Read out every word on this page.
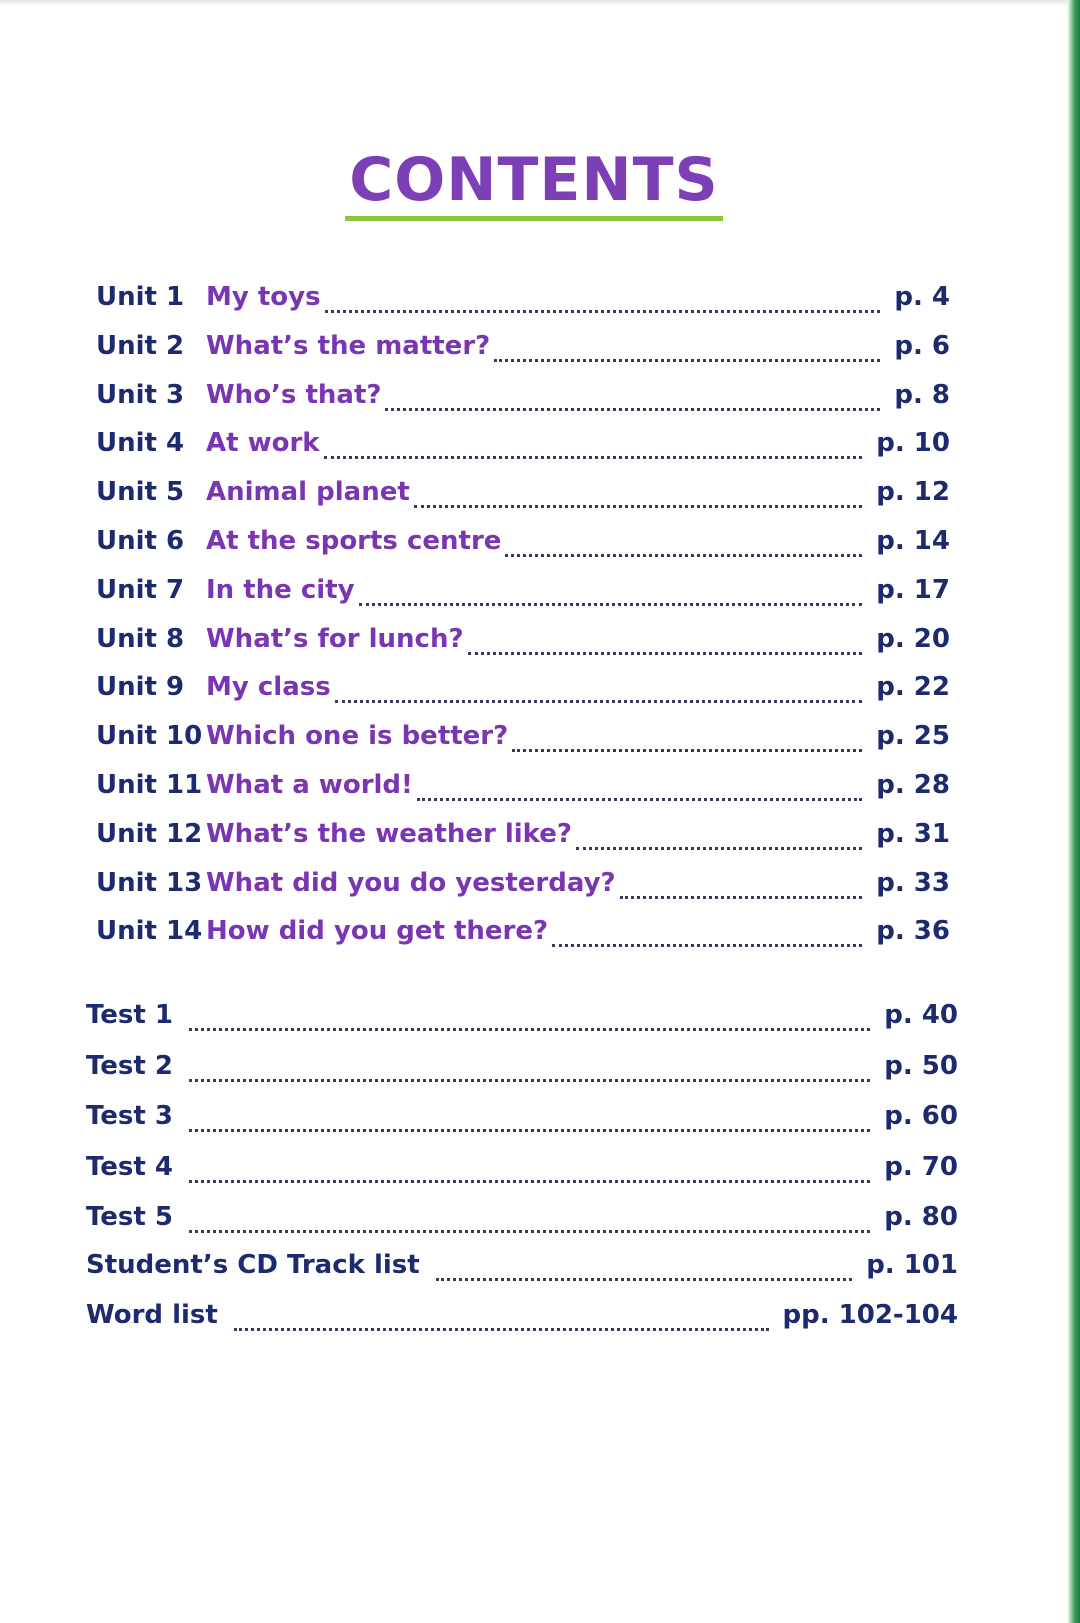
CONTENTS
Unit 1 My toys	p. 4
Unit 2 What’s the matter?	p. 6
Unit 3 Who’s that?	p. 8
Unit 4 At work	p. 10
Unit 5 Animal planet	p. 12
Unit 6 At the sports centre	p. 14
Unit 7 In the city	p. 17
Unit 8 What’s for lunch?	p. 20
Unit 9 My class	p. 22
Unit 10 Which one is better?	p. 25
Unit 11 What a world!	p. 28
Unit 12 What’s the weather like?	p. 31
Unit 13 What did you do yesterday?	p. 33
Unit 14 How did you get there?	p. 36
Test 1	p. 40
Test 2	p. 50
Test 3	p. 60
Test 4	p. 70
Test 5	p. 80
Student’s CD Track list	p. 101
Word list	pp. 102-104
